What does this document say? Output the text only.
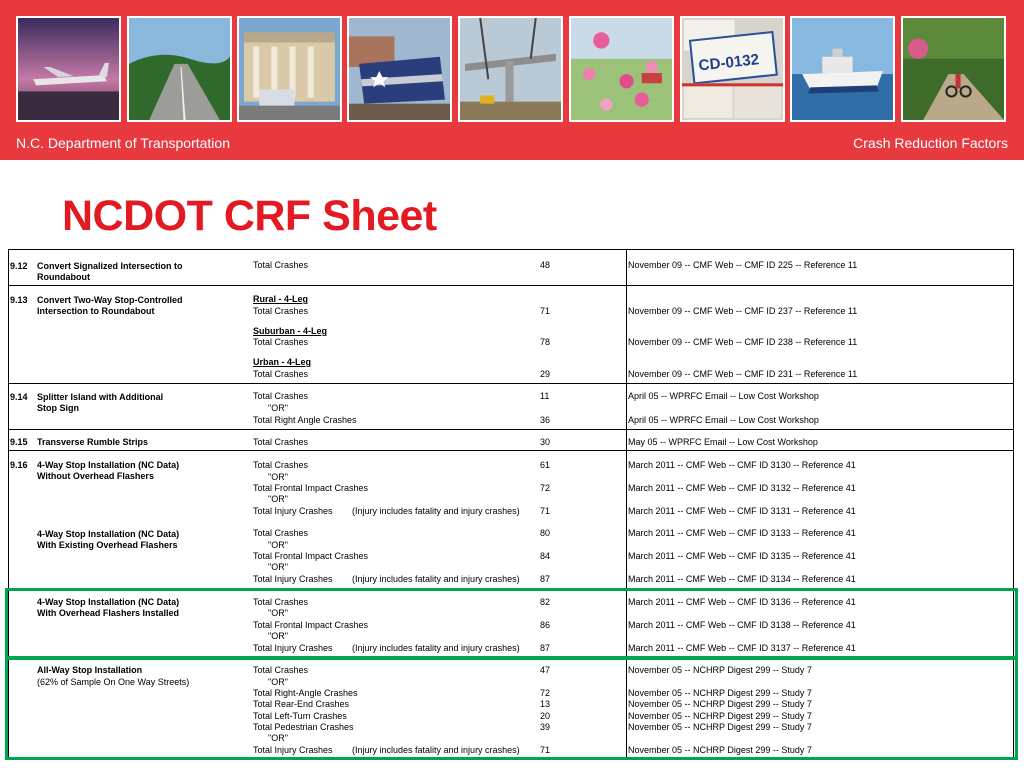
CD-0132
N.C. Department of Transportation	Crash Reduction Factors
NCDOT CRF Sheet
9.12 Convert Signalized Intersection to
Roundabout
Total Crashes	48	November 09 -- CMF Web -- CMF ID 225 -- Reference 11
9.13 Convert Two-Way Stop-Controlled
Intersection to Roundabout
Rural - 4-Leg
Total Crashes	71	November 09 -- CMF Web -- CMF ID 237 -- Reference 11
Suburban - 4-Leg
Total Crashes	78	November 09 -- CMF Web -- CMF ID 238 -- Reference 11
Urban - 4-Leg
Total Crashes	29	November 09 -- CMF Web -- CMF ID 231 -- Reference 11
9.14 Splitter Island with Additional
Stop Sign
Total Crashes	11	April 05 -- WPRFC Email -- Low Cost Workshop
"OR"
Total Right Angle Crashes	36	April 05 -- WPRFC Email -- Low Cost Workshop
9.15 Transverse Rumble Strips	Total Crashes	30	May 05 -- WPRFC Email -- Low Cost Workshop
9.16 4-Way Stop Installation (NC Data)
Without Overhead Flashers
Total Crashes	61	March 2011 -- CMF Web -- CMF ID 3130 -- Reference 41
"OR"
Total Frontal Impact Crashes	72	March 2011 -- CMF Web -- CMF ID 3132 -- Reference 41
"OR"
Total Injury Crashes (Injury includes fatality and injury crashes) 71	March 2011 -- CMF Web -- CMF ID 3131 -- Reference 41
4-Way Stop Installation (NC Data)
With Existing Overhead Flashers
Total Crashes	80	March 2011 -- CMF Web -- CMF ID 3133 -- Reference 41
"OR"
Total Frontal Impact Crashes	84	March 2011 -- CMF Web -- CMF ID 3135 -- Reference 41
"OR"
Total Injury Crashes (Injury includes fatality and injury crashes) 87	March 2011 -- CMF Web -- CMF ID 3134 -- Reference 41
4-Way Stop Installation (NC Data)
With Overhead Flashers Installed
Total Crashes	82	March 2011 -- CMF Web -- CMF ID 3136 -- Reference 41
"OR"
Total Frontal Impact Crashes	86	March 2011 -- CMF Web -- CMF ID 3138 -- Reference 41
"OR"
Total Injury Crashes (Injury includes fatality and injury crashes) 87	March 2011 -- CMF Web -- CMF ID 3137 -- Reference 41
All-Way Stop Installation
(62% of Sample On One Way Streets)
Total Crashes	47	November 05 -- NCHRP Digest 299 -- Study 7
"OR"
Total Right-Angle Crashes	72	November 05 -- NCHRP Digest 299 -- Study 7
Total Rear-End Crashes	13	November 05 -- NCHRP Digest 299 -- Study 7
Total Left-Turn Crashes	20	November 05 -- NCHRP Digest 299 -- Study 7
Total Pedestrian Crashes	39	November 05 -- NCHRP Digest 299 -- Study 7
"OR"
Total Injury Crashes (Injury includes fatality and injury crashes) 71	November 05 -- NCHRP Digest 299 -- Study 7
